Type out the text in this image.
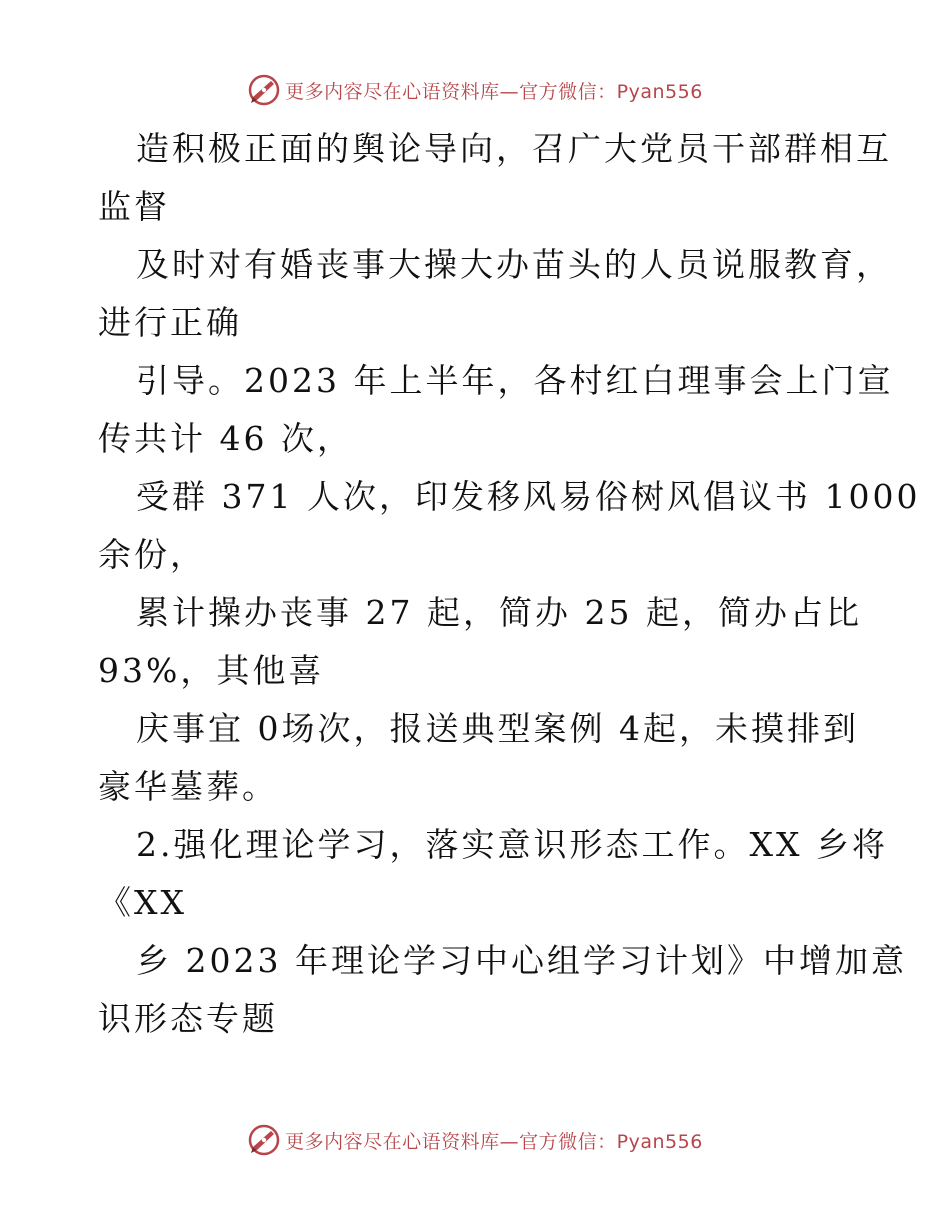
更多内容尽在心语资料库—官方微信：Pyan556
造积极正面的舆论导向，召广大党员干部群相互
监督
及时对有婚丧事大操大办苗头的人员说服教育，
进行正确
引导。2023 年上半年，各村红白理事会上门宣
传共计 46 次，
受群 371 人次，印发移风易俗树风倡议书 1000
余份，
累计操办丧事 27 起，简办 25 起，简办占比
93%，其他喜
庆事宜 0场次，报送典型案例 4起，未摸排到
豪华墓葬。
2.强化理论学习，落实意识形态工作。XX 乡将
《XX
乡 2023 年理论学习中心组学习计划》中增加意
识形态专题
更多内容尽在心语资料库—官方微信：Pyan556
